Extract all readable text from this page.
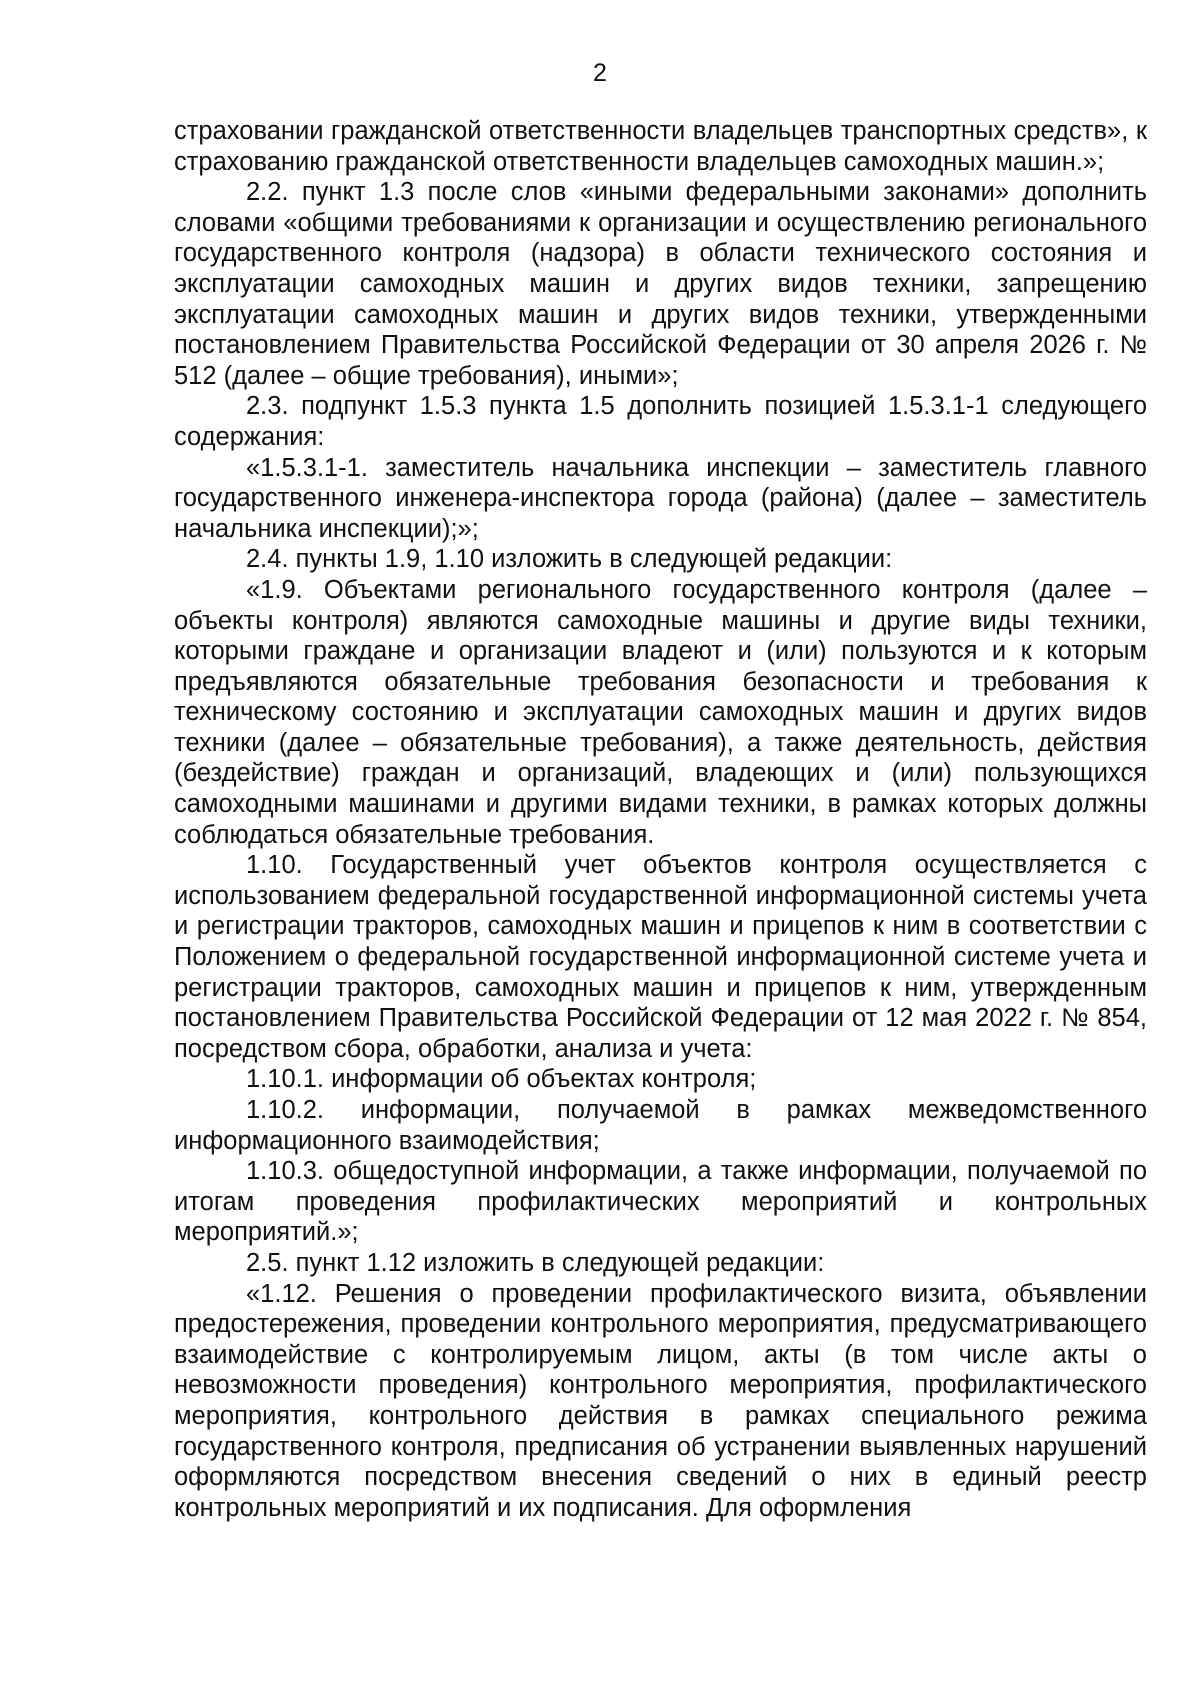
2

страховании гражданской ответственности владельцев транспортных средств», к страхованию гражданской ответственности владельцев самоходных машин.»;

2.2. пункт 1.3 после слов «иными федеральными законами» дополнить словами «общими требованиями к организации и осуществлению регионального государственного контроля (надзора) в области технического состояния и эксплуатации самоходных машин и других видов техники, запрещению эксплуатации самоходных машин и других видов техники, утвержденными постановлением Правительства Российской Федерации от 30 апреля 2026 г. № 512 (далее – общие требования), иными»;

2.3. подпункт 1.5.3 пункта 1.5 дополнить позицией 1.5.3.1-1 следующего содержания:

«1.5.3.1-1. заместитель начальника инспекции – заместитель главного государственного инженера-инспектора города (района) (далее – заместитель начальника инспекции);»;

2.4. пункты 1.9, 1.10 изложить в следующей редакции:

«1.9. Объектами регионального государственного контроля (далее – объекты контроля) являются самоходные машины и другие виды техники, которыми граждане и организации владеют и (или) пользуются и к которым предъявляются обязательные требования безопасности и требования к техническому состоянию и эксплуатации самоходных машин и других видов техники (далее – обязательные требования), а также деятельность, действия (бездействие) граждан и организаций, владеющих и (или) пользующихся самоходными машинами и другими видами техники, в рамках которых должны соблюдаться обязательные требования.

1.10. Государственный учет объектов контроля осуществляется с использованием федеральной государственной информационной системы учета и регистрации тракторов, самоходных машин и прицепов к ним в соответствии с Положением о федеральной государственной информационной системе учета и регистрации тракторов, самоходных машин и прицепов к ним, утвержденным постановлением Правительства Российской Федерации от 12 мая 2022 г. № 854, посредством сбора, обработки, анализа и учета:

1.10.1. информации об объектах контроля;

1.10.2. информации, получаемой в рамках межведомственного информационного взаимодействия;

1.10.3. общедоступной информации, а также информации, получаемой по итогам проведения профилактических мероприятий и контрольных мероприятий.»;

2.5. пункт 1.12 изложить в следующей редакции:

«1.12. Решения о проведении профилактического визита, объявлении предостережения, проведении контрольного мероприятия, предусматривающего взаимодействие с контролируемым лицом, акты (в том числе акты о невозможности проведения) контрольного мероприятия, профилактического мероприятия, контрольного действия в рамках специального режима государственного контроля, предписания об устранении выявленных нарушений оформляются посредством внесения сведений о них в единый реестр контрольных мероприятий и их подписания. Для оформления
